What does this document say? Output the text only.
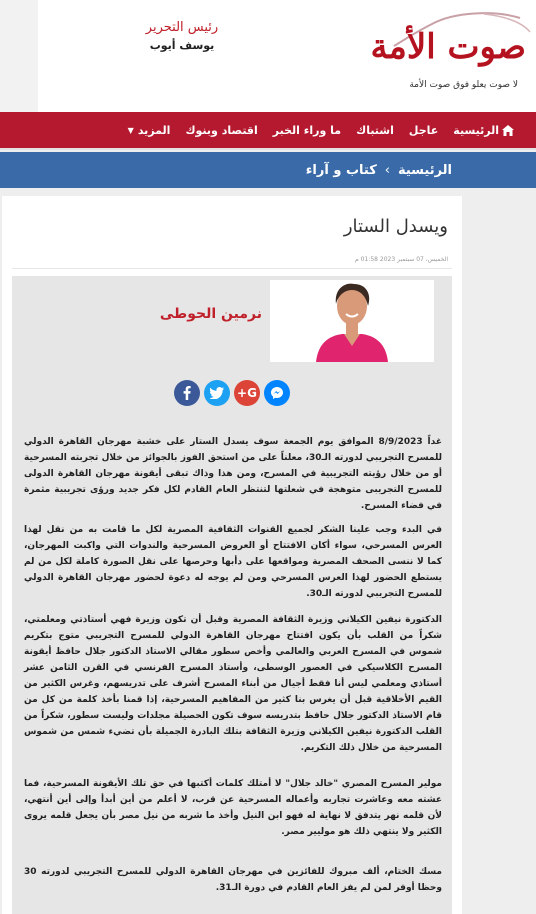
رئيس التحرير
يوسف أيوب	صوت الأمة
لا صوت يعلو فوق صوت الأمة
الرئيسية
عاجل
اشتباك
ما وراء الخبر
اقتصاد وبنوك
المزيد
▼
الرئيسية
›
كتاب و آراء
ويسدل الستار
الخميس، 07 سبتمبر 2023 01:58 م
نرمين الحوطى
G+

غداً 8/9/2023 الموافق يوم الجمعة سوف يسدل الستار على خشبة مهرجان القاهرة الدولي للمسرح التجريبي لدورته الـ30، معلناً على من استحق الفوز بالجوائز من خلال تجربته المسرحية أو من خلال رؤيته التجريبية في المسرح، ومن هذا وذاك تبقى أيقونة مهرجان القاهرة الدولى للمسرح التجريبى متوهجة في شعلتها لتنتظر العام القادم لكل فكر جديد ورؤى تجريبية مثمرة في فضاء المسرح.

في البدء وجب علينا الشكر لجميع القنوات الثقافية المصرية لكل ما قامت به من نقل لهذا العرس المسرحي، سواء أكان الافتتاح أو العروض المسرحية والندوات التي واكبت المهرجان، كما لا ننسى الصحف المصرية ومواقعها على دأبها وحرصها على نقل الصورة كاملة لكل من لم يستطع الحضور لهذا العرس المسرحي ومن لم يوجه له دعوة لحضور مهرجان القاهرة الدولي للمسرح التجريبي لدورته الـ30.

الدكتورة نيفين الكيلاني وزيرة الثقافة المصرية وقبل أن تكون وزيرة فهي أستاذتي ومعلمتي، شكراً من القلب بأن يكون افتتاح مهرجان القاهرة الدولي للمسرح التجريبي متوج بتكريم شموس في المسرح العربي والعالمي وأخص سطور مقالي الاستاذ الدكتور جلال حافظ أيقونة المسرح الكلاسيكي في العصور الوسطى، وأستاذ المسرح الفرنسي في القرن الثامن عشر أستاذي ومعلمي ليس أنا فقط أجيال من أبناء المسرح أشرف على تدريسهم، وغرس الكثير من القيم الأخلاقية قبل أن يغرس بنا كثير من المفاهيم المسرحية، إذا قمنا بأخذ كلمة من كل من قام الاستاذ الدكتور جلال حافظ بتدريسه سوف تكون الحصيلة مجلدات وليست سطور، شكراً من القلب الدكتورة نيفين الكيلاني وزيرة الثقافة بتلك البادرة الجميلة بأن تضيء شمس من شموس المسرحية من خلال ذلك التكريم.

مولير المسرح المصري "خالد جلال" لا أمتلك كلمات أكتبها في حق تلك الأيقونة المسرحية، فما عشته معه وعاشرت تجاربه وأعماله المسرحية عن قرب، لا أعلم من أين أبدأ وإلى أين أنتهي، لأن قلمه نهر يتدفق لا نهاية له فهو ابن النيل وأخذ ما شربه من نيل مصر بأن يجعل قلمه يروى الكثير ولا ينتهي ذلك هو موليير مصر.

مسك الختام، ألف مبروك للفائزين في مهرجان القاهرة الدولي للمسرح التجريبي لدورته 30 وحظا أوفر لمن لم يفز العام القادم في دورة الـ31.
